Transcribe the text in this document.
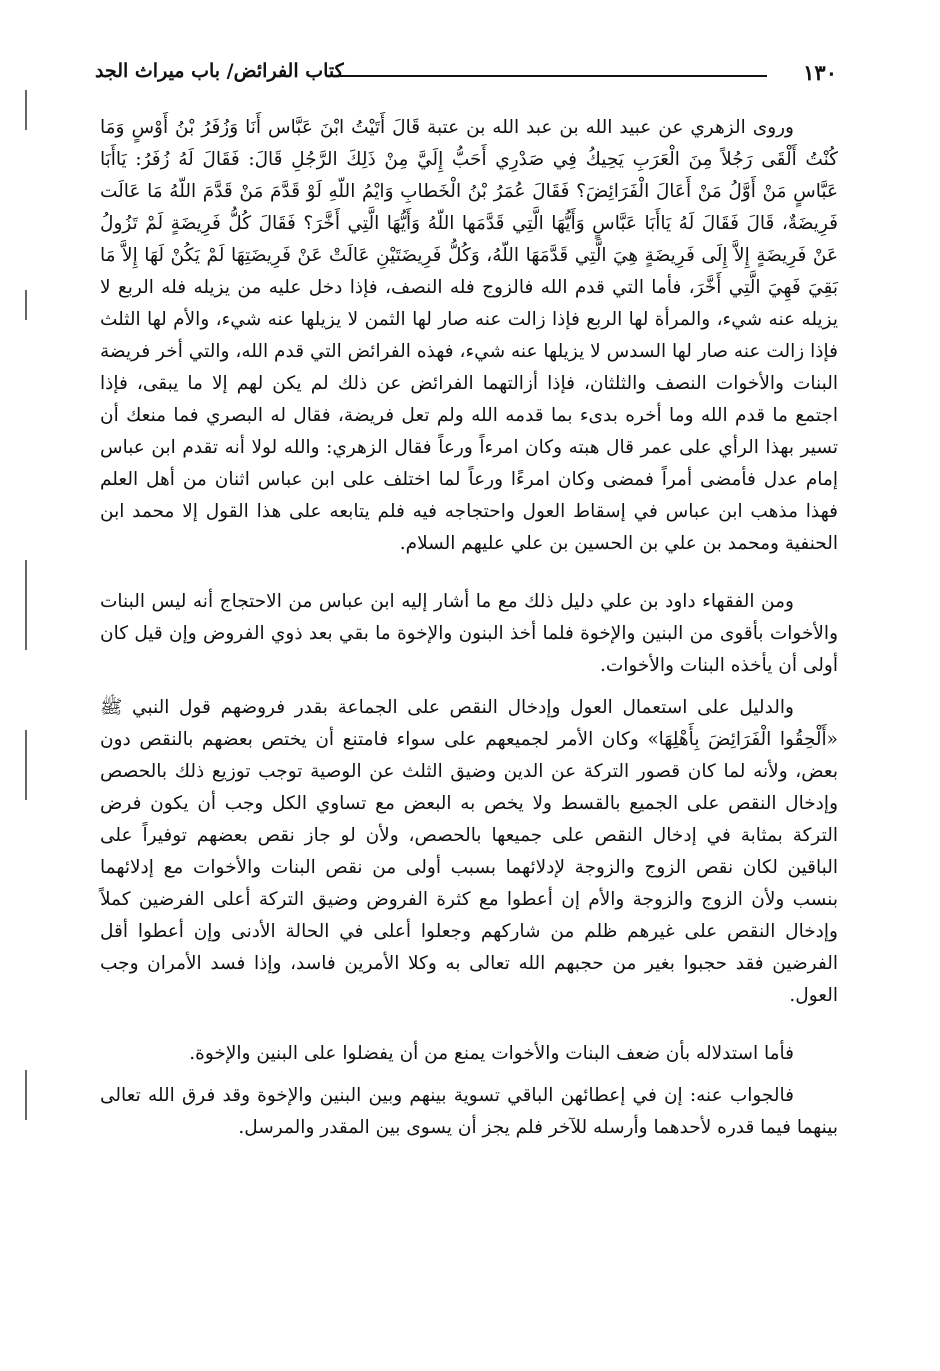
١٣٠
كتاب الفرائض/ باب ميراث الجد

وروى الزهري عن عبيد الله بن عبد الله بن عتبة قَالَ أَتَيْتُ ابْنَ عَبَّاس أَنَا وَزُفَرُ بْنُ أَوْسٍ وَمَا كُنْتُ أَلْقَى رَجُلاً مِنَ الْعَرَبِ يَحِيكُ فِي صَدْرِي أَحَبُّ إِلَيَّ مِنْ ذَلِكَ الرَّجُلِ قَالَ: فَقَالَ لَهُ زُفَرُ: يَاأَبَا عَبَّاسٍ مَنْ أَوَّلُ مَنْ أَعَالَ الْفَرَائِضَ؟ فَقَالَ عُمَرُ بْنُ الْخَطابِ وَايْمُ اللّهِ لَوْ قَدَّمَ مَنْ قَدَّمَ اللّهُ مَا عَالَت فَرِيضَةٌ، قَالَ فَقَالَ لَهُ يَاأَبَا عَبَّاسٍ وَأَيُّهَا الَّتِي قَدَّمَها اللّهُ وَأَيُّهَا الَّتِي أَخَّرَ؟ فَقَالَ كُلُّ فَرِيضَةٍ لَمْ تَزُولُ عَنْ فَرِيضَةٍ إِلاَّ إِلَى فَرِيضَةٍ هِيَ الَّتِي قَدَّمَهَا اللّهُ، وَكُلُّ فَرِيضَتَيْنِ عَالَتْ عَنْ فَرِيضَتِهَا لَمْ يَكُنْ لَهَا إِلاَّ مَا بَقِيَ فَهِيَ الَّتِي أَخَّرَ، فأما التي قدم الله فالزوج فله النصف، فإذا دخل عليه من يزيله فله الربع لا يزيله عنه شيء، والمرأة لها الربع فإذا زالت عنه صار لها الثمن لا يزيلها عنه شيء، والأم لها الثلث فإذا زالت عنه صار لها السدس لا يزيلها عنه شيء، فهذه الفرائض التي قدم الله، والتي أخر فريضة البنات والأخوات النصف والثلثان، فإذا أزالتهما الفرائض عن ذلك لم يكن لهم إلا ما يبقى، فإذا اجتمع ما قدم الله وما أخره بدىء بما قدمه الله ولم تعل فريضة، فقال له البصري فما منعك أن تسير بهذا الرأي على عمر قال هبته وكان امرءاً ورعاً فقال الزهري: والله لولا أنه تقدم ابن عباس إمام عدل فأمضى أمراً فمضى وكان امرءًا ورعاً لما اختلف على ابن عباس اثنان من أهل العلم فهذا مذهب ابن عباس في إسقاط العول واحتجاجه فيه فلم يتابعه على هذا القول إلا محمد ابن الحنفية ومحمد بن علي بن الحسين بن علي عليهم السلام.

ومن الفقهاء داود بن علي دليل ذلك مع ما أشار إليه ابن عباس من الاحتجاج أنه ليس البنات والأخوات بأقوى من البنين والإخوة فلما أخذ البنون والإخوة ما بقي بعد ذوي الفروض وإن قيل كان أولى أن يأخذه البنات والأخوات.

والدليل على استعمال العول وإدخال النقص على الجماعة بقدر فروضهم قول النبي ﷺ «أَلْحِقُوا الْفَرَائِضَ بِأَهْلِهَا» وكان الأمر لجميعهم على سواء فامتنع أن يختص بعضهم بالنقص دون بعض، ولأنه لما كان قصور التركة عن الدين وضيق الثلث عن الوصية توجب توزيع ذلك بالحصص وإدخال النقص على الجميع بالقسط ولا يخص به البعض مع تساوي الكل وجب أن يكون فرض التركة بمثابة في إدخال النقص على جميعها بالحصص، ولأن لو جاز نقص بعضهم توفيراً على الباقين لكان نقص الزوج والزوجة لإدلائهما بسبب أولى من نقص البنات والأخوات مع إدلائهما بنسب ولأن الزوج والزوجة والأم إن أعطوا مع كثرة الفروض وضيق التركة أعلى الفرضين كملاً وإدخال النقص على غيرهم ظلم من شاركهم وجعلوا أعلى في الحالة الأدنى وإن أعطوا أقل الفرضين فقد حجبوا بغير من حجبهم الله تعالى به وكلا الأمرين فاسد، وإذا فسد الأمران وجب العول.

فأما استدلاله بأن ضعف البنات والأخوات يمنع من أن يفضلوا على البنين والإخوة.

فالجواب عنه: إن في إعطائهن الباقي تسوية بينهم وبين البنين والإخوة وقد فرق الله تعالى بينهما فيما قدره لأحدهما وأرسله للآخر فلم يجز أن يسوى بين المقدر والمرسل.
